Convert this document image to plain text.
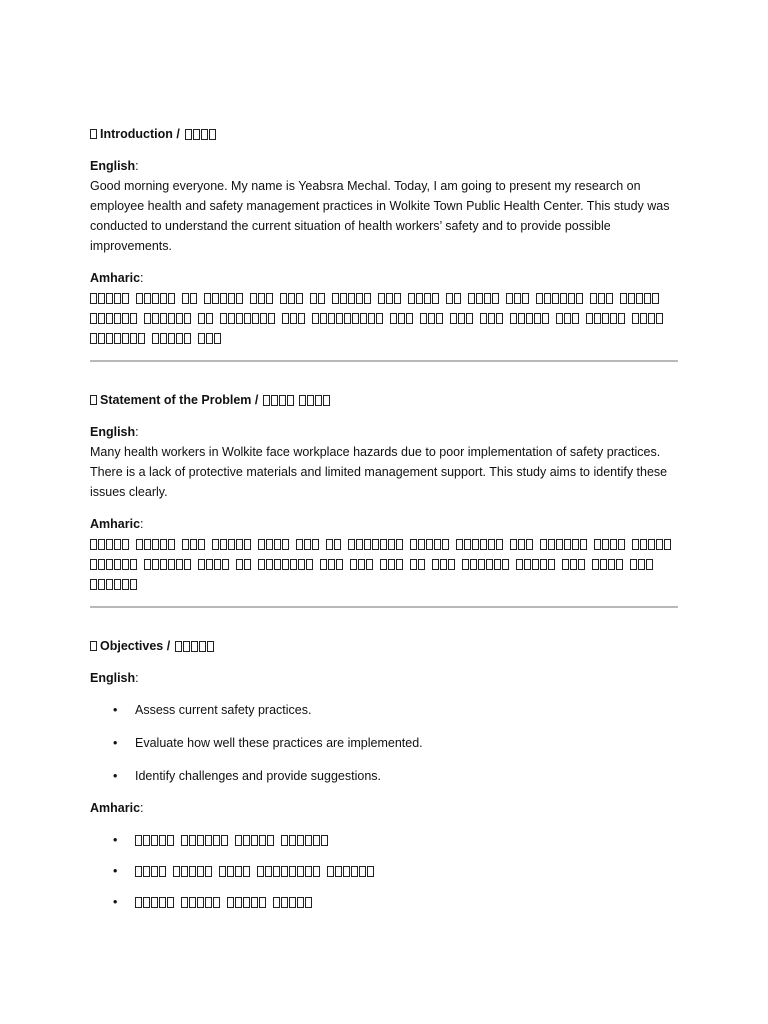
Introduction /

English:

Good morning everyone. My name is Yeabsra Mechal. Today, I am going to present my research on employee health and safety management practices in Wolkite Town Public Health Center. This study was conducted to understand the current situation of health workers’ safety and to provide possible improvements.

Amharic:

Statement of the Problem /

English:

Many health workers in Wolkite face workplace hazards due to poor implementation of safety practices. There is a lack of protective materials and limited management support. This study aims to identify these issues clearly.

Amharic:

Objectives /

English:

• Assess current safety practices.
• Evaluate how well these practices are implemented.
• Identify challenges and provide suggestions.

Amharic:

•
•
•
